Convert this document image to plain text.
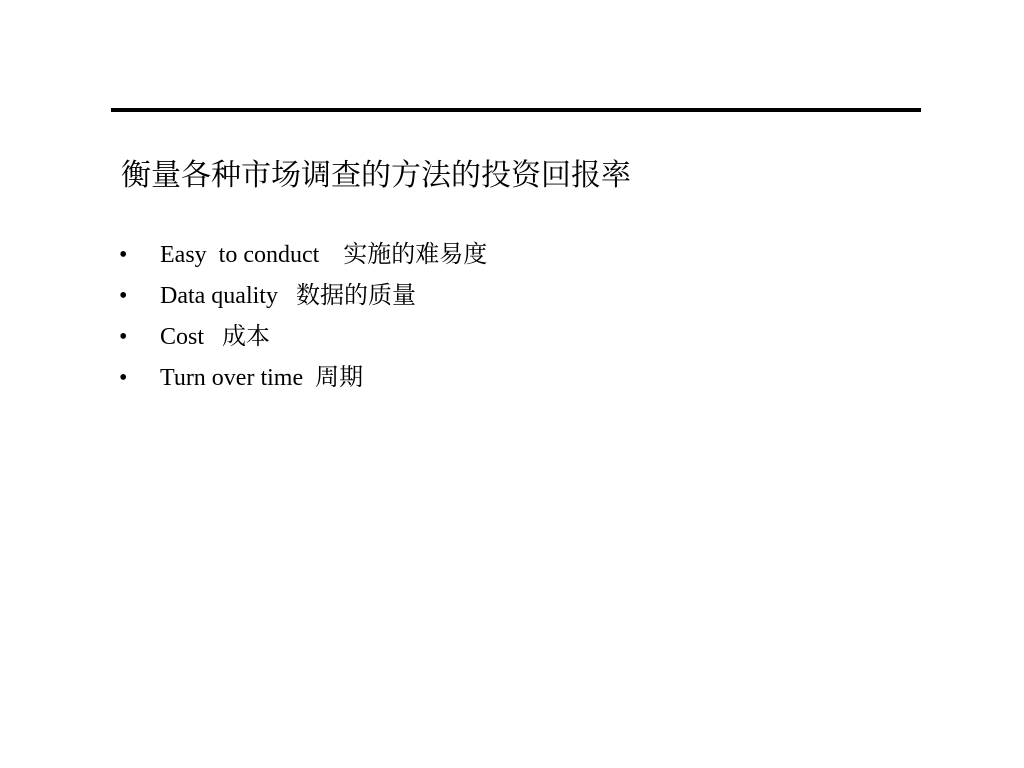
衡量各种市场调查的方法的投资回报率
• Easy  to conduct 实施的难易度
• Data quality 数据的质量
• Cost 成本
• Turn over time 周期
